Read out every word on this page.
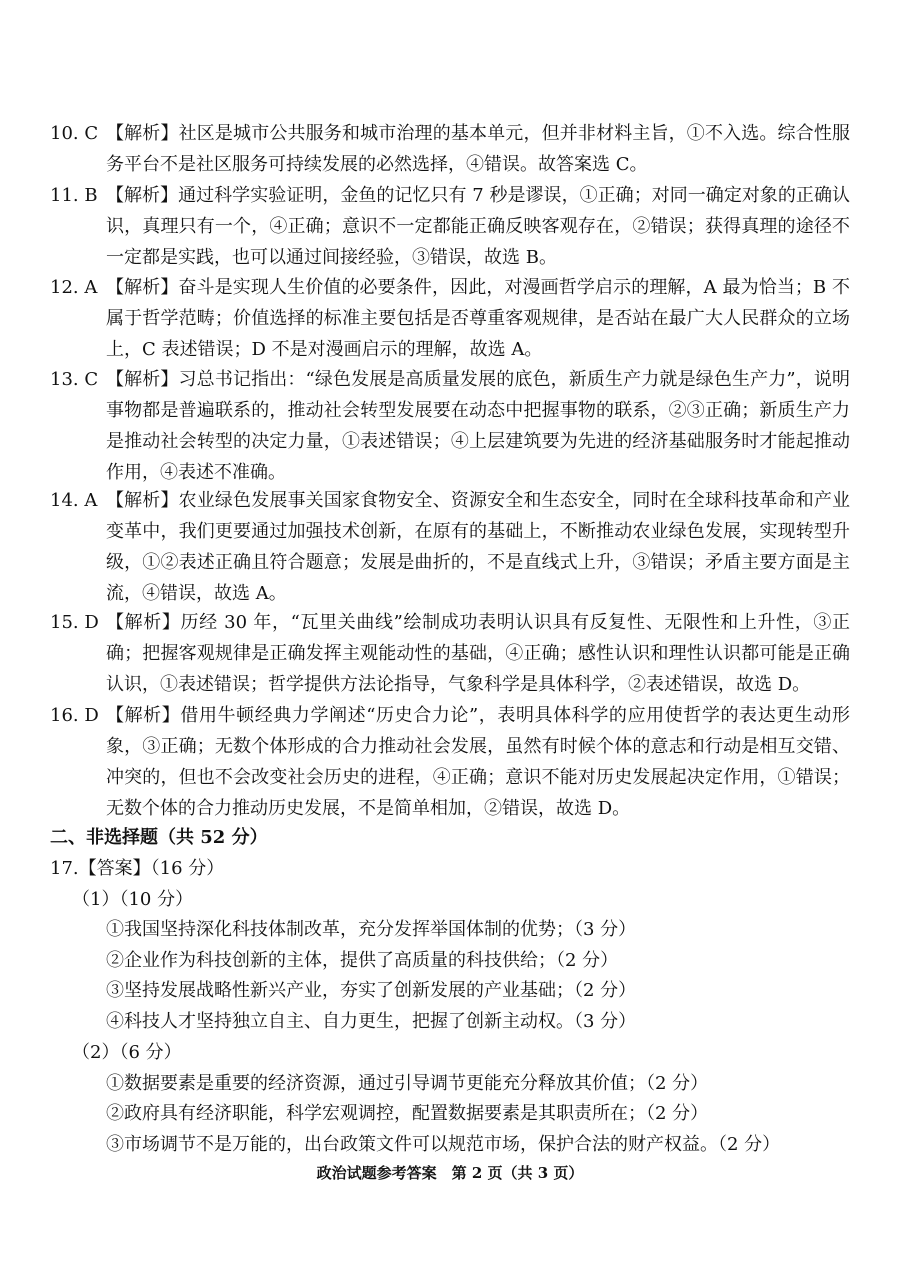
10. C 【解析】社区是城市公共服务和城市治理的基本单元，但并非材料主旨，①不入选。综合性服务平台不是社区服务可持续发展的必然选择，④错误。故答案选 C。
11. B 【解析】通过科学实验证明，金鱼的记忆只有 7 秒是谬误，①正确；对同一确定对象的正确认识，真理只有一个，④正确；意识不一定都能正确反映客观存在，②错误；获得真理的途径不一定都是实践，也可以通过间接经验，③错误，故选 B。
12. A 【解析】奋斗是实现人生价值的必要条件，因此，对漫画哲学启示的理解，A 最为恰当；B 不属于哲学范畴；价值选择的标准主要包括是否尊重客观规律，是否站在最广大人民群众的立场上，C 表述错误；D 不是对漫画启示的理解，故选 A。
13. C 【解析】习总书记指出：“绿色发展是高质量发展的底色，新质生产力就是绿色生产力”，说明事物都是普遍联系的，推动社会转型发展要在动态中把握事物的联系，②③正确；新质生产力是推动社会转型的决定力量，①表述错误；④上层建筑要为先进的经济基础服务时才能起推动作用，④表述不准确。
14. A 【解析】农业绿色发展事关国家食物安全、资源安全和生态安全，同时在全球科技革命和产业变革中，我们更要通过加强技术创新，在原有的基础上，不断推动农业绿色发展，实现转型升级，①②表述正确且符合题意；发展是曲折的，不是直线式上升，③错误；矛盾主要方面是主流，④错误，故选 A。
15. D 【解析】历经 30 年，“瓦里关曲线”绘制成功表明认识具有反复性、无限性和上升性，③正确；把握客观规律是正确发挥主观能动性的基础，④正确；感性认识和理性认识都可能是正确认识，①表述错误；哲学提供方法论指导，气象科学是具体科学，②表述错误，故选 D。
16. D 【解析】借用牛顿经典力学阐述“历史合力论”，表明具体科学的应用使哲学的表达更生动形象，③正确；无数个体形成的合力推动社会发展，虽然有时候个体的意志和行动是相互交错、冲突的，但也不会改变社会历史的进程，④正确；意识不能对历史发展起决定作用，①错误；无数个体的合力推动历史发展，不是简单相加，②错误，故选 D。
二、非选择题（共 52 分）
17.【答案】（16 分）
（1）（10 分）
①我国坚持深化科技体制改革，充分发挥举国体制的优势；（3 分）
②企业作为科技创新的主体，提供了高质量的科技供给；（2 分）
③坚持发展战略性新兴产业，夯实了创新发展的产业基础；（2 分）
④科技人才坚持独立自主、自力更生，把握了创新主动权。（3 分）
（2）（6 分）
①数据要素是重要的经济资源，通过引导调节更能充分释放其价值；（2 分）
②政府具有经济职能，科学宏观调控，配置数据要素是其职责所在；（2 分）
③市场调节不是万能的，出台政策文件可以规范市场，保护合法的财产权益。（2 分）
政治试题参考答案　第 2 页（共 3 页）
